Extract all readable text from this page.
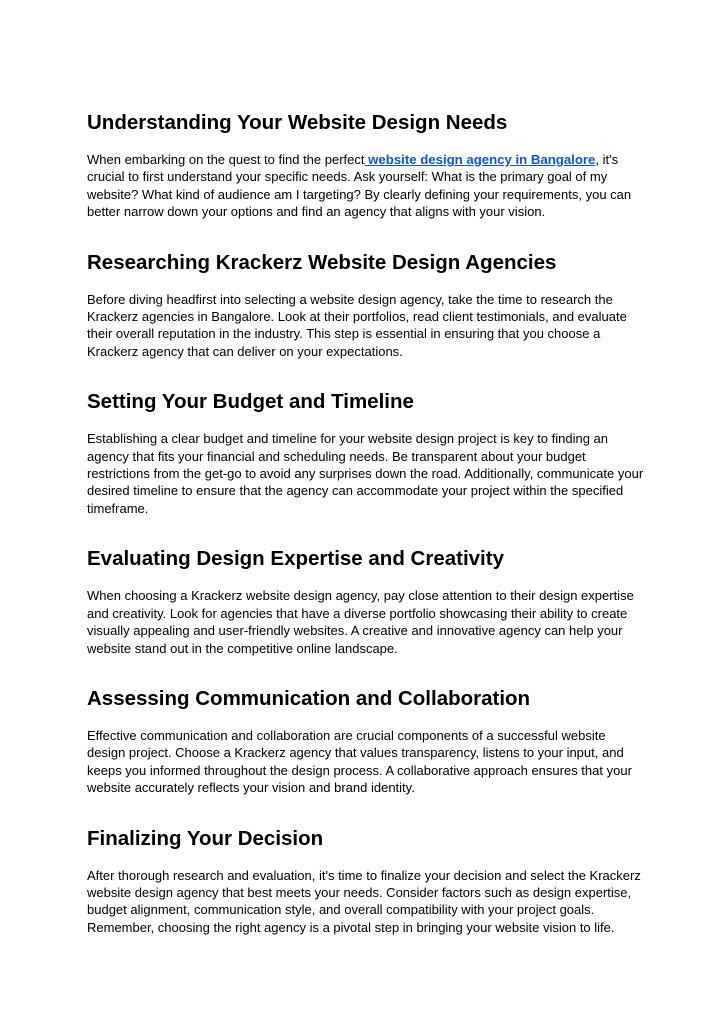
Understanding Your Website Design Needs

When embarking on the quest to find the perfect website design agency in Bangalore, it's crucial to first understand your specific needs. Ask yourself: What is the primary goal of my website? What kind of audience am I targeting? By clearly defining your requirements, you can better narrow down your options and find an agency that aligns with your vision.

Researching Krackerz Website Design Agencies

Before diving headfirst into selecting a website design agency, take the time to research the Krackerz agencies in Bangalore. Look at their portfolios, read client testimonials, and evaluate their overall reputation in the industry. This step is essential in ensuring that you choose a Krackerz agency that can deliver on your expectations.

Setting Your Budget and Timeline

Establishing a clear budget and timeline for your website design project is key to finding an agency that fits your financial and scheduling needs. Be transparent about your budget restrictions from the get-go to avoid any surprises down the road. Additionally, communicate your desired timeline to ensure that the agency can accommodate your project within the specified timeframe.

Evaluating Design Expertise and Creativity

When choosing a Krackerz website design agency, pay close attention to their design expertise and creativity. Look for agencies that have a diverse portfolio showcasing their ability to create visually appealing and user-friendly websites. A creative and innovative agency can help your website stand out in the competitive online landscape.

Assessing Communication and Collaboration

Effective communication and collaboration are crucial components of a successful website design project. Choose a Krackerz agency that values transparency, listens to your input, and keeps you informed throughout the design process. A collaborative approach ensures that your website accurately reflects your vision and brand identity.

Finalizing Your Decision

After thorough research and evaluation, it's time to finalize your decision and select the Krackerz website design agency that best meets your needs. Consider factors such as design expertise, budget alignment, communication style, and overall compatibility with your project goals. Remember, choosing the right agency is a pivotal step in bringing your website vision to life.
